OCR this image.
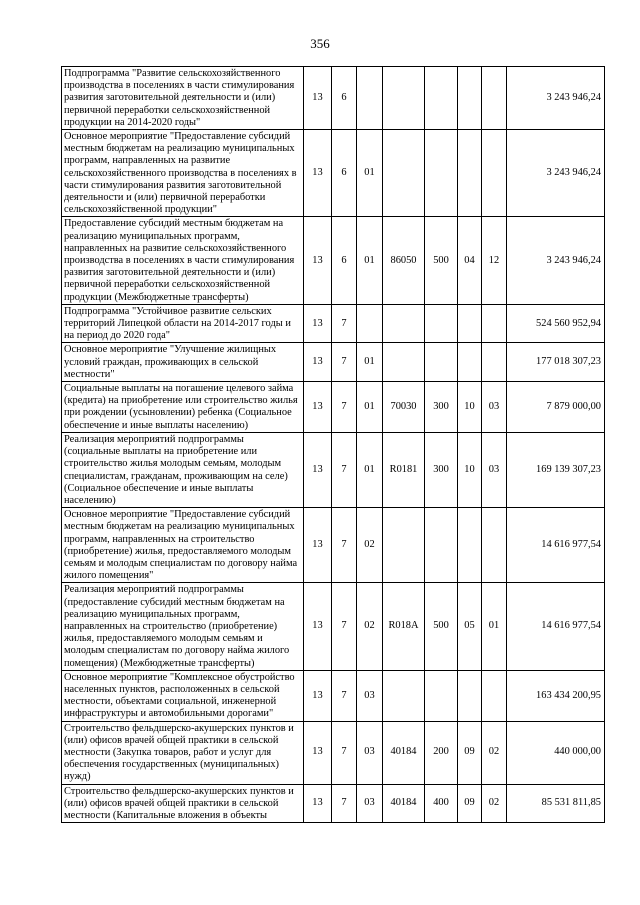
356
Подпрограмма "Развитие сельскохозяйственного производства в поселениях в части стимулирования развития заготовительной деятельности и (или) первичной переработки сельскохозяйственной продукции на 2014-2020 годы"	13	6						3 243 946,24
Основное мероприятие "Предоставление субсидий местным бюджетам на реализацию муниципальных программ, направленных на развитие сельскохозяйственного производства в поселениях в части стимулирования развития заготовительной деятельности и (или) первичной переработки сельскохозяйственной продукции"	13	6	01					3 243 946,24
Предоставление субсидий местным бюджетам на реализацию муниципальных программ, направленных на развитие сельскохозяйственного производства в поселениях в части стимулирования развития заготовительной деятельности и (или) первичной переработки сельскохозяйственной продукции (Межбюджетные трансферты)	13	6	01	86050	500	04	12	3 243 946,24
Подпрограмма "Устойчивое развитие сельских территорий Липецкой области на 2014-2017 годы и на период до 2020 года"	13	7						524 560 952,94
Основное мероприятие "Улучшение жилищных условий граждан, проживающих в сельской местности"	13	7	01					177 018 307,23
Социальные выплаты на погашение целевого займа (кредита) на приобретение или строительство жилья при рождении (усыновлении) ребенка (Социальное обеспечение и иные выплаты населению)	13	7	01	70030	300	10	03	7 879 000,00
Реализация мероприятий подпрограммы (социальные выплаты на приобретение или строительство жилья молодым семьям, молодым специалистам, гражданам, проживающим на селе) (Социальное обеспечение и иные выплаты населению)	13	7	01	R0181	300	10	03	169 139 307,23
Основное мероприятие "Предоставление субсидий местным бюджетам на реализацию муниципальных программ, направленных на строительство (приобретение) жилья, предоставляемого молодым семьям и молодым специалистам по договору найма жилого помещения"	13	7	02					14 616 977,54
Реализация мероприятий подпрограммы (предоставление субсидий местным бюджетам на реализацию муниципальных программ, направленных на строительство (приобретение) жилья, предоставляемого молодым семьям и молодым специалистам по договору найма жилого помещения) (Межбюджетные трансферты)	13	7	02	R018A	500	05	01	14 616 977,54
Основное мероприятие "Комплексное обустройство населенных пунктов, расположенных в сельской местности, объектами социальной, инженерной инфраструктуры и автомобильными дорогами"	13	7	03					163 434 200,95
Строительство фельдшерско-акушерских пунктов и (или) офисов врачей общей практики в сельской местности (Закупка товаров, работ и услуг для обеспечения государственных (муниципальных) нужд)	13	7	03	40184	200	09	02	440 000,00
Строительство фельдшерско-акушерских пунктов и (или) офисов врачей общей практики в сельской местности (Капитальные вложения в объекты	13	7	03	40184	400	09	02	85 531 811,85
